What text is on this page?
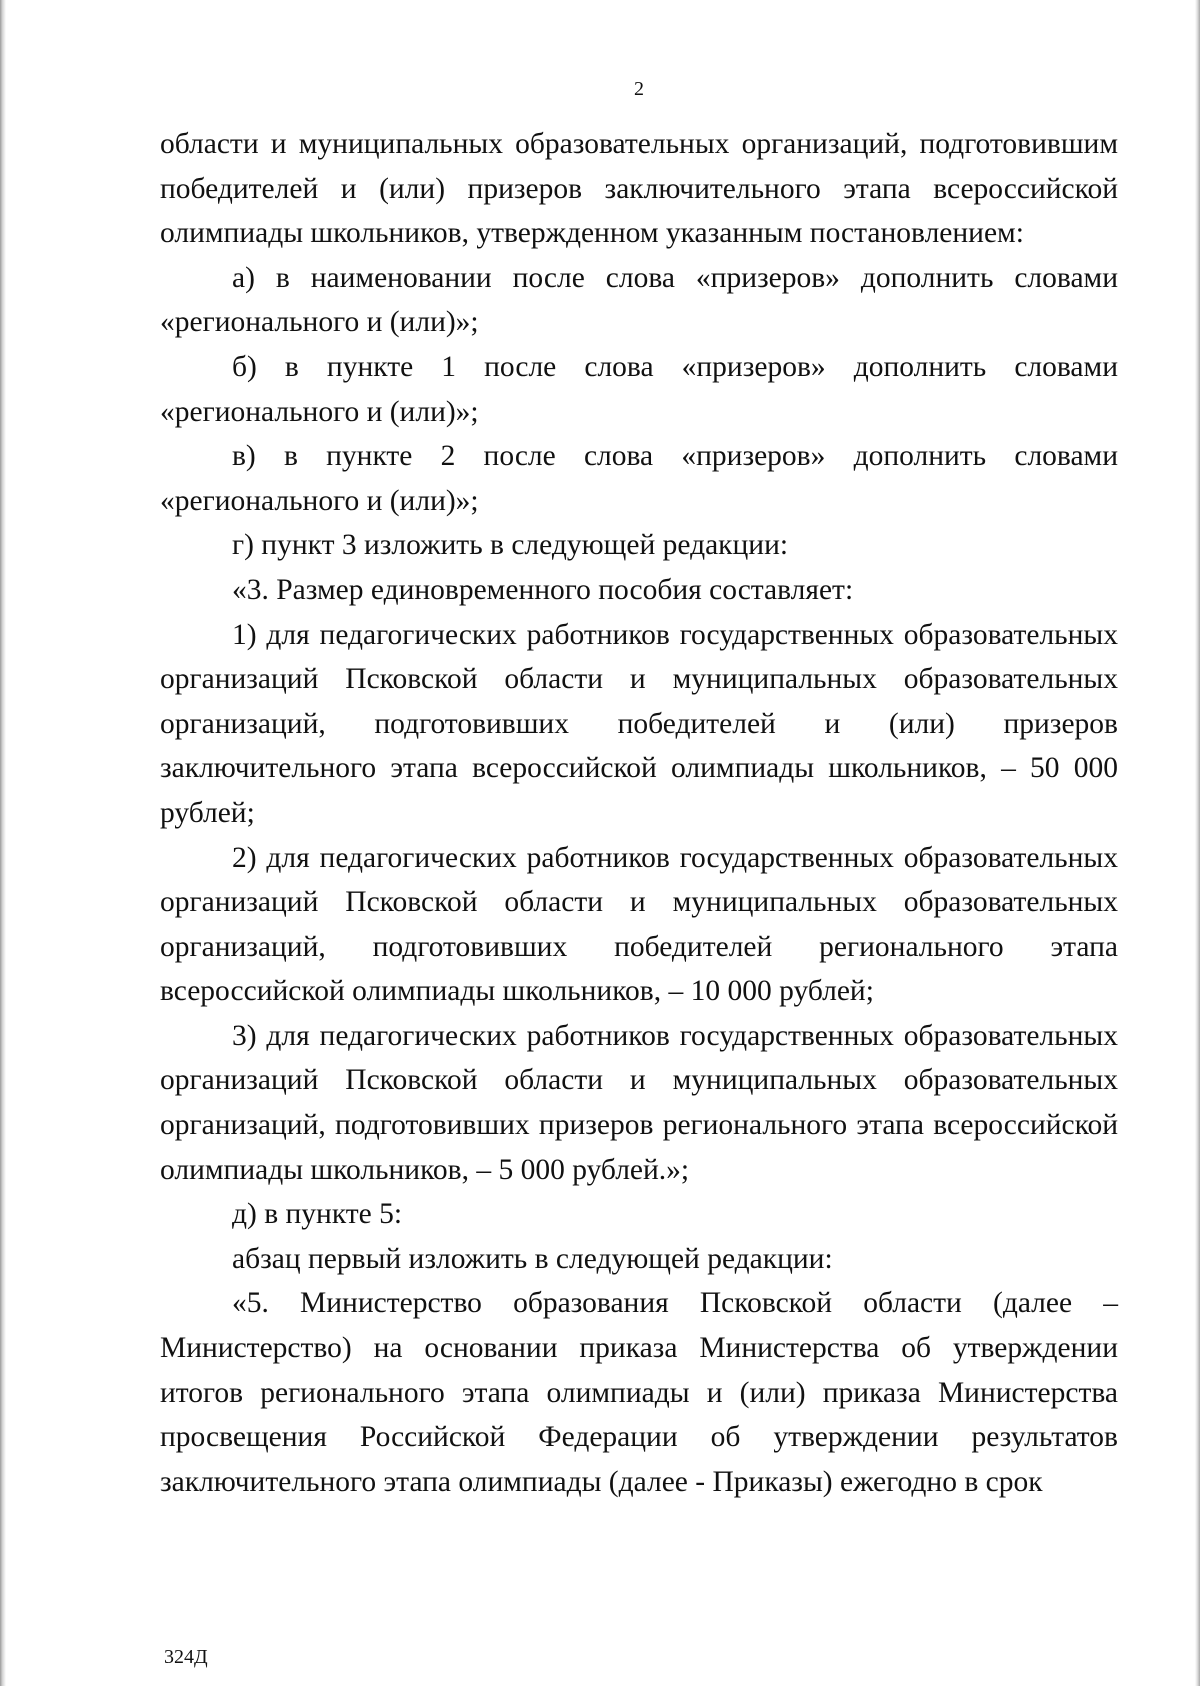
2

области и муниципальных образовательных организаций, подготовившим победителей и (или) призеров заключительного этапа всероссийской олимпиады школьников, утвержденном указанным постановлением:

а) в наименовании после слова «призеров» дополнить словами «регионального и (или)»;

б) в пункте 1 после слова «призеров» дополнить словами «регионального и (или)»;

в) в пункте 2 после слова «призеров» дополнить словами «регионального и (или)»;

г) пункт 3 изложить в следующей редакции:

«3. Размер единовременного пособия составляет:

1) для педагогических работников государственных образовательных организаций Псковской области и муниципальных образовательных организаций, подготовивших победителей и (или) призеров заключительного этапа всероссийской олимпиады школьников, – 50 000 рублей;

2) для педагогических работников государственных образовательных организаций Псковской области и муниципальных образовательных организаций, подготовивших победителей регионального этапа всероссийской олимпиады школьников, – 10 000 рублей;

3) для педагогических работников государственных образовательных организаций Псковской области и муниципальных образовательных организаций, подготовивших призеров регионального этапа всероссийской олимпиады школьников, – 5 000 рублей.»;

д) в пункте 5:

абзац первый изложить в следующей редакции:

«5. Министерство образования Псковской области (далее – Министерство) на основании приказа Министерства об утверждении итогов регионального этапа олимпиады и (или) приказа Министерства просвещения Российской Федерации об утверждении результатов заключительного этапа олимпиады (далее - Приказы) ежегодно в срок

324Д
